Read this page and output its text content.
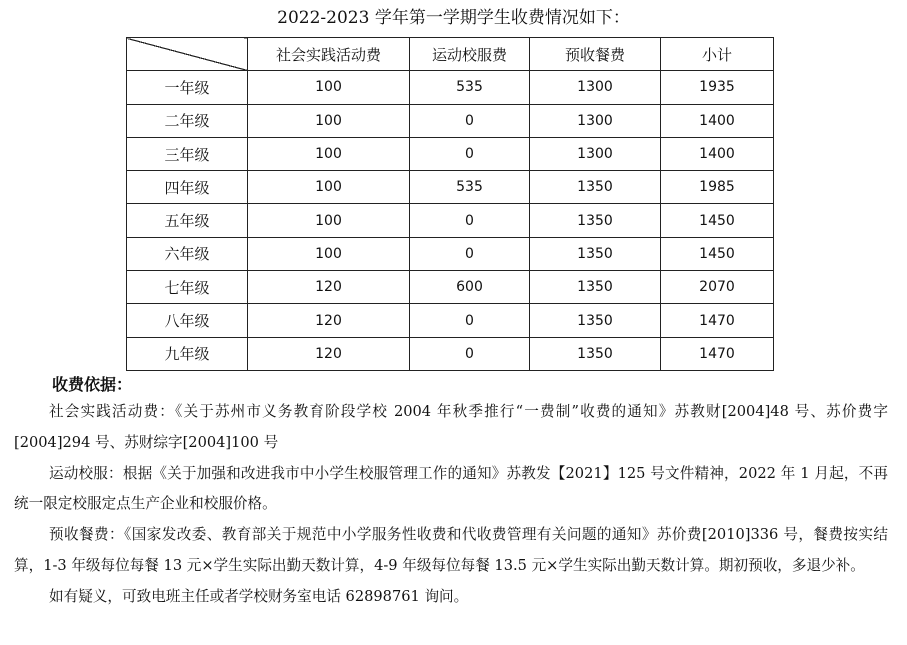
2022-2023 学年第一学期学生收费情况如下：
	社会实践活动费	运动校服费	预收餐费	小计
一年级	100	535	1300	1935
二年级	100	0	1300	1400
三年级	100	0	1300	1400
四年级	100	535	1350	1985
五年级	100	0	1350	1450
六年级	100	0	1350	1450
七年级	120	600	1350	2070
八年级	120	0	1350	1470
九年级	120	0	1350	1470
收费依据：

社会实践活动费：《关于苏州市义务教育阶段学校 2004 年秋季推行“一费制”收费的通知》苏教财[2004]48 号、苏价费字[2004]294 号、苏财综字[2004]100 号

运动校服：根据《关于加强和改进我市中小学生校服管理工作的通知》苏教发【2021】125 号文件精神，2022 年 1 月起，不再统一限定校服定点生产企业和校服价格。

预收餐费：《国家发改委、教育部关于规范中小学服务性收费和代收费管理有关问题的通知》苏价费[2010]336 号，餐费按实结算，1-3 年级每位每餐 13 元×学生实际出勤天数计算，4-9 年级每位每餐 13.5 元×学生实际出勤天数计算。期初预收，多退少补。

如有疑义，可致电班主任或者学校财务室电话 62898761 询问。
